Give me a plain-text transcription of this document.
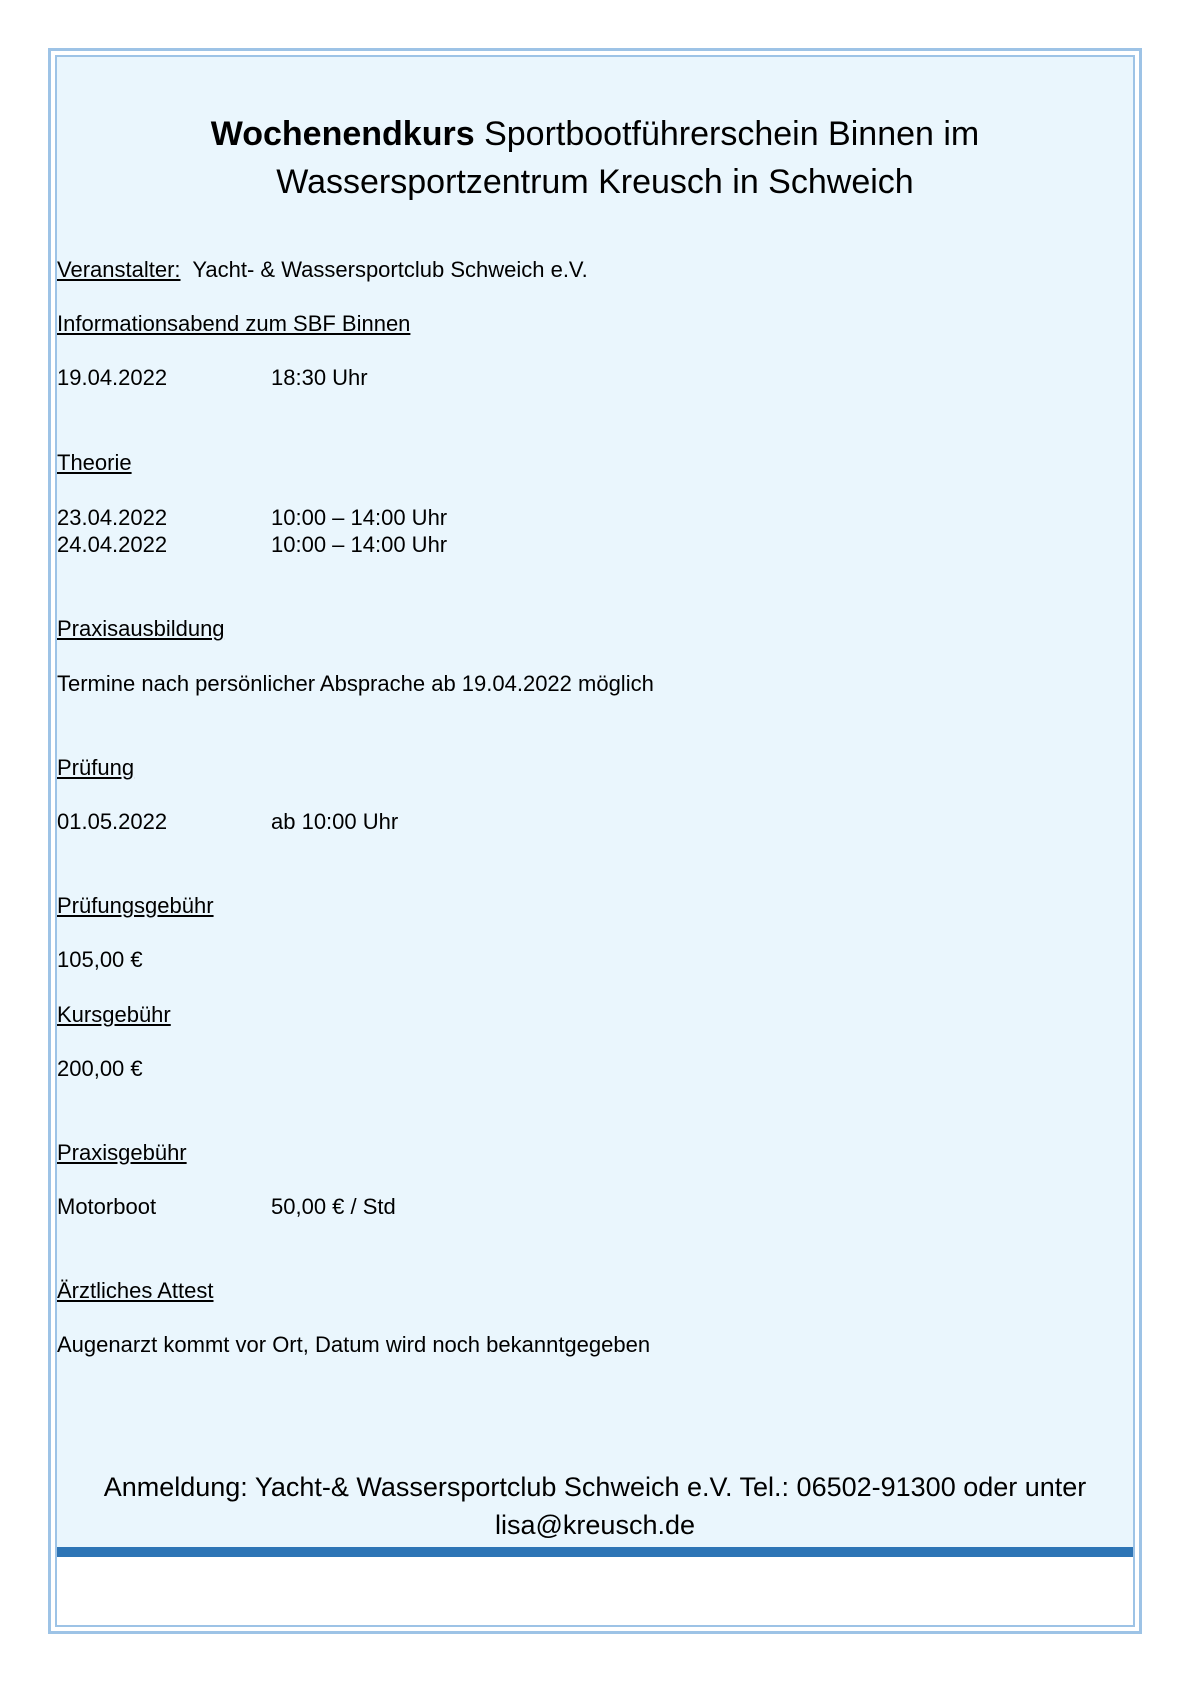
Wochenendkurs Sportbootführerschein Binnen im
Wassersportzentrum Kreusch in Schweich
Veranstalter: Yacht- & Wassersportclub Schweich e.V.
Informationsabend zum SBF Binnen
19.04.2022	18:30 Uhr
Theorie
23.04.2022	10:00 – 14:00 Uhr
24.04.2022	10:00 – 14:00 Uhr
Praxisausbildung
Termine nach persönlicher Absprache ab 19.04.2022 möglich
Prüfung
01.05.2022	ab 10:00 Uhr
Prüfungsgebühr
105,00 €
Kursgebühr
200,00 €
Praxisgebühr
Motorboot	50,00 € / Std
Ärztliches Attest
Augenarzt kommt vor Ort, Datum wird noch bekanntgegeben
Anmeldung: Yacht-& Wassersportclub Schweich e.V. Tel.: 06502-91300 oder unter
lisa@kreusch.de
